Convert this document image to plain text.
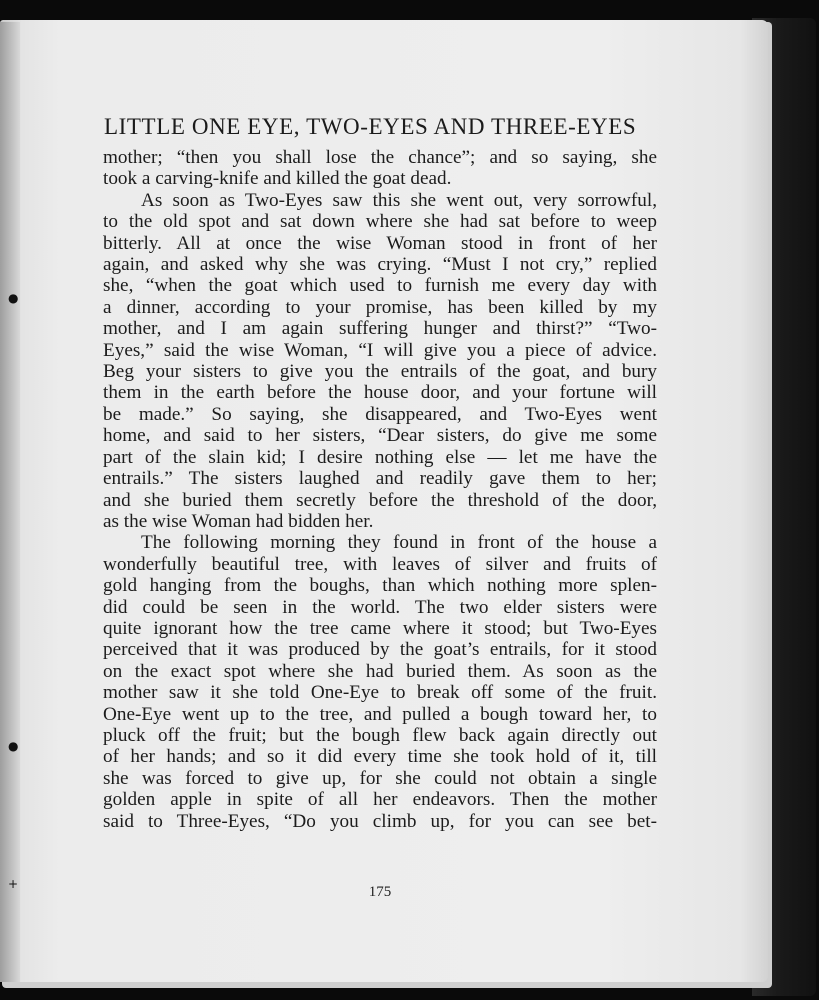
●
●
+
LITTLE ONE EYE, TWO-EYES AND THREE-EYES
mother; “then you shall lose the chance”; and so saying, she
took a carving-knife and killed the goat dead.
As soon as Two-Eyes saw this she went out, very sorrowful,
to the old spot and sat down where she had sat before to weep
bitterly. All at once the wise Woman stood in front of her
again, and asked why she was crying. “Must I not cry,” replied
she, “when the goat which used to furnish me every day with
a dinner, according to your promise, has been killed by my
mother, and I am again suffering hunger and thirst?” “Two-
Eyes,” said the wise Woman, “I will give you a piece of advice.
Beg your sisters to give you the entrails of the goat, and bury
them in the earth before the house door, and your fortune will
be made.” So saying, she disappeared, and Two-Eyes went
home, and said to her sisters, “Dear sisters, do give me some
part of the slain kid; I desire nothing else — let me have the
entrails.” The sisters laughed and readily gave them to her;
and she buried them secretly before the threshold of the door,
as the wise Woman had bidden her.
The following morning they found in front of the house a
wonderfully beautiful tree, with leaves of silver and fruits of
gold hanging from the boughs, than which nothing more splen-
did could be seen in the world. The two elder sisters were
quite ignorant how the tree came where it stood; but Two-Eyes
perceived that it was produced by the goat’s entrails, for it stood
on the exact spot where she had buried them. As soon as the
mother saw it she told One-Eye to break off some of the fruit.
One-Eye went up to the tree, and pulled a bough toward her, to
pluck off the fruit; but the bough flew back again directly out
of her hands; and so it did every time she took hold of it, till
she was forced to give up, for she could not obtain a single
golden apple in spite of all her endeavors. Then the mother
said to Three-Eyes, “Do you climb up, for you can see bet-
175
